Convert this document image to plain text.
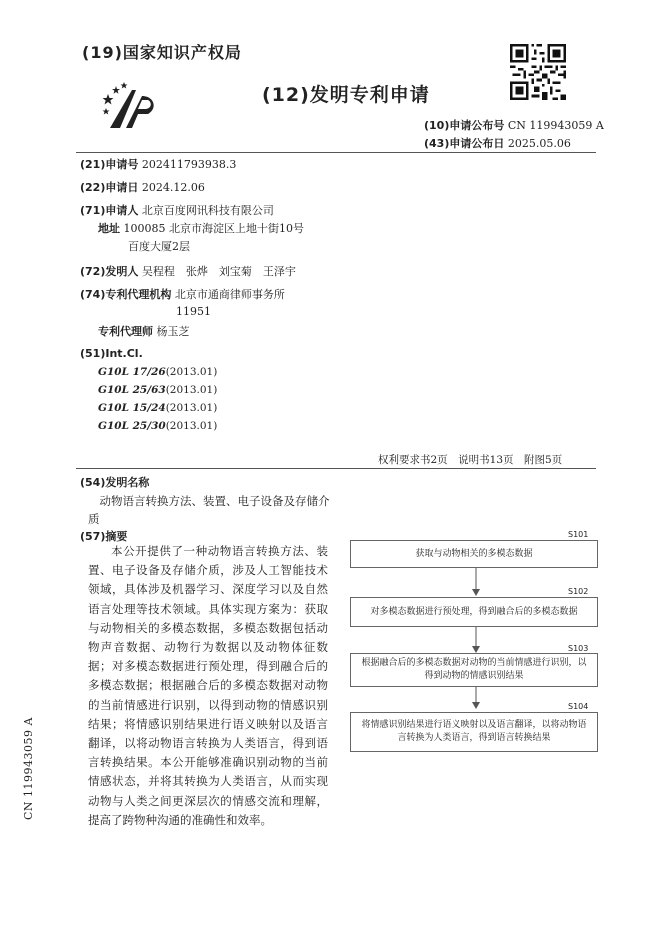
(19)国家知识产权局
(12)发明专利申请
(10)申请公布号 CN 119943059 A
(43)申请公布日 2025.05.06
(21)申请号 202411793938.3
(22)申请日 2024.12.06
(71)申请人 北京百度网讯科技有限公司
地址 100085 北京市海淀区上地十街10号
百度大厦2层
(72)发明人 吴程程　张烨　刘宝菊　王泽宇
(74)专利代理机构 北京市通商律师事务所
11951
专利代理师 杨玉芝
(51)Int.Cl.
G10L 17/26(2013.01)
G10L 25/63(2013.01)
G10L 15/24(2013.01)
G10L 25/30(2013.01)
权利要求书2页　说明书13页　附图5页
(54)发明名称
动物语言转换方法、装置、电子设备及存储介质
(57)摘要
本公开提供了一种动物语言转换方法、装置、电子设备及存储介质，涉及人工智能技术领域，具体涉及机器学习、深度学习以及自然语言处理等技术领域。具体实现方案为：获取与动物相关的多模态数据，多模态数据包括动物声音数据、动物行为数据以及动物体征数据；对多模态数据进行预处理，得到融合后的多模态数据；根据融合后的多模态数据对动物的当前情感进行识别，以得到动物的情感识别结果；将情感识别结果进行语义映射以及语言翻译，以将动物语言转换为人类语言，得到语言转换结果。本公开能够准确识别动物的当前情感状态，并将其转换为人类语言，从而实现动物与人类之间更深层次的情感交流和理解，提高了跨物种沟通的准确性和效率。
CN 119943059 A
S101
获取与动物相关的多模态数据
S102
对多模态数据进行预处理，得到融合后的多模态数据
S103
根据融合后的多模态数据对动物的当前情感进行识别，以得到动物的情感识别结果
S104
将情感识别结果进行语义映射以及语言翻译，以将动物语言转换为人类语言，得到语言转换结果
